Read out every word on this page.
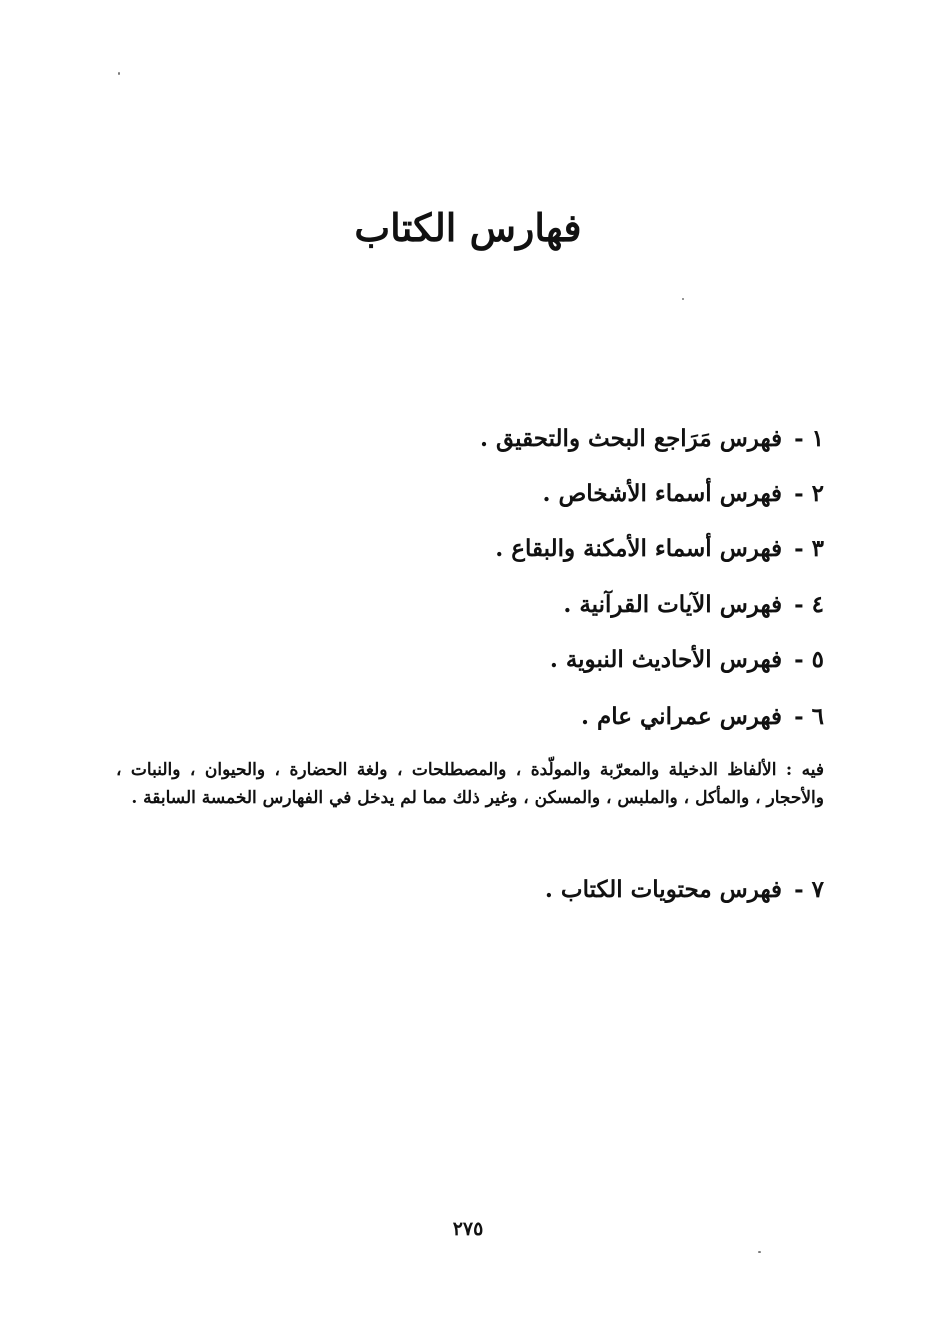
فهارس الكتاب

١ - فهرس مَرَاجع البحث والتحقيق .

٢ - فهرس أسماء الأشخاص .

٣ - فهرس أسماء الأمكنة والبقاع .

٤ - فهرس الآيات القرآنية .

٥ - فهرس الأحاديث النبوية .

٦ - فهرس عمراني عام .

فيه : الألفاظ الدخيلة والمعرّبة والمولّدة ، والمصطلحات ، ولغة الحضارة ، والحيوان ، والنبات ، والأحجار ، والمأكل ، والملبس ، والمسكن ، وغير ذلك مما لم يدخل في الفهارس الخمسة السابقة .

٧ - فهرس محتويات الكتاب .

٢٧٥
